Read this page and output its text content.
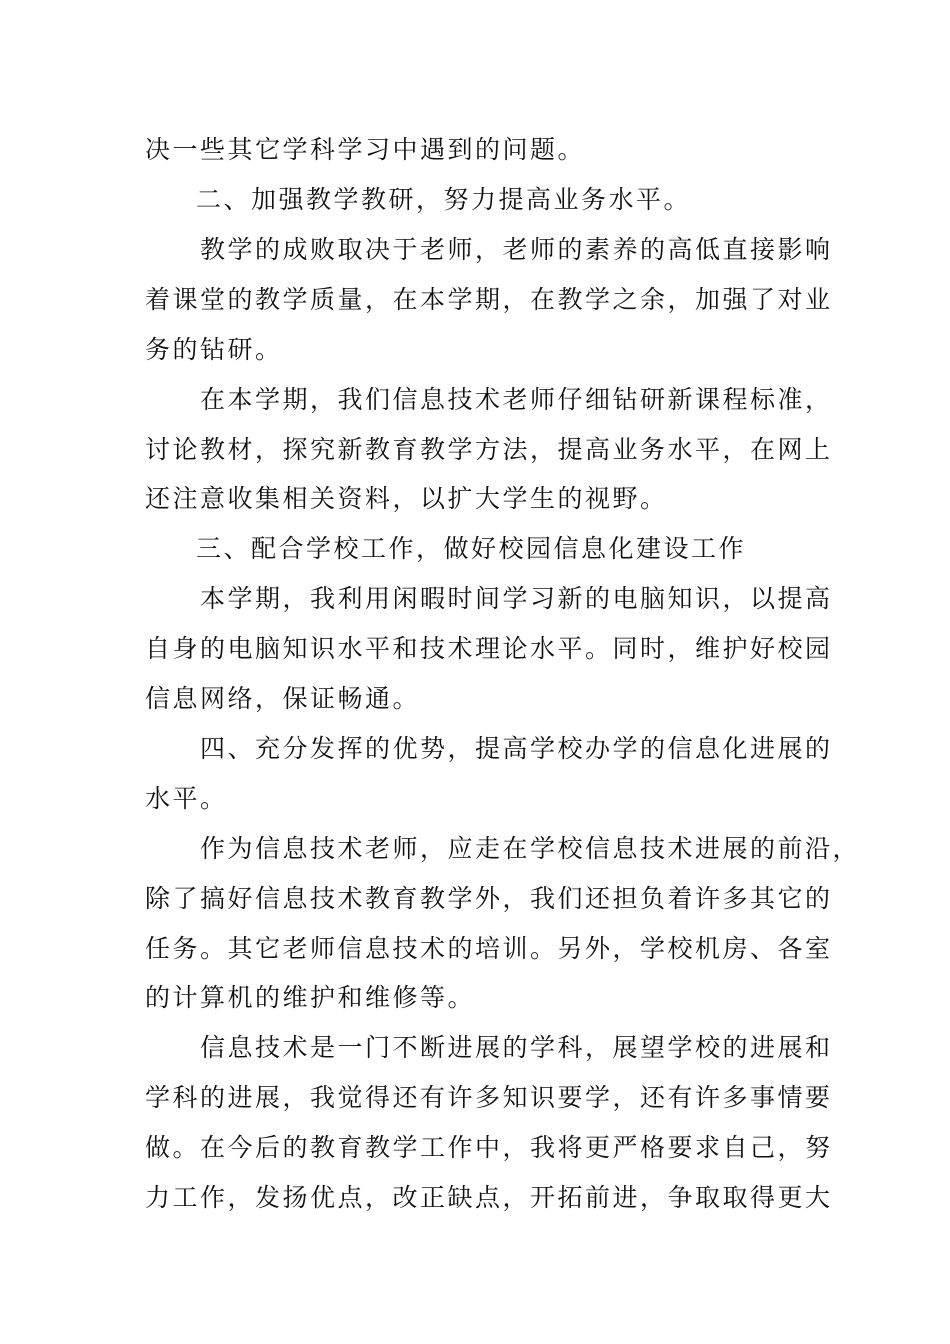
决一些其它学科学习中遇到的问题。
二、加强教学教研，努力提高业务水平。
教学的成败取决于老师，老师的素养的高低直接影响
着课堂的教学质量，在本学期，在教学之余，加强了对业
务的钻研。
在本学期，我们信息技术老师仔细钻研新课程标准，
讨论教材，探究新教育教学方法，提高业务水平，在网上
还注意收集相关资料，以扩大学生的视野。
三、配合学校工作，做好校园信息化建设工作
本学期，我利用闲暇时间学习新的电脑知识，以提高
自身的电脑知识水平和技术理论水平。同时，维护好校园
信息网络，保证畅通。
四、充分发挥的优势，提高学校办学的信息化进展的
水平。
作为信息技术老师，应走在学校信息技术进展的前沿，
除了搞好信息技术教育教学外，我们还担负着许多其它的
任务。其它老师信息技术的培训。另外，学校机房、各室
的计算机的维护和维修等。
信息技术是一门不断进展的学科，展望学校的进展和
学科的进展，我觉得还有许多知识要学，还有许多事情要
做。在今后的教育教学工作中，我将更严格要求自己，努
力工作，发扬优点，改正缺点，开拓前进，争取取得更大
